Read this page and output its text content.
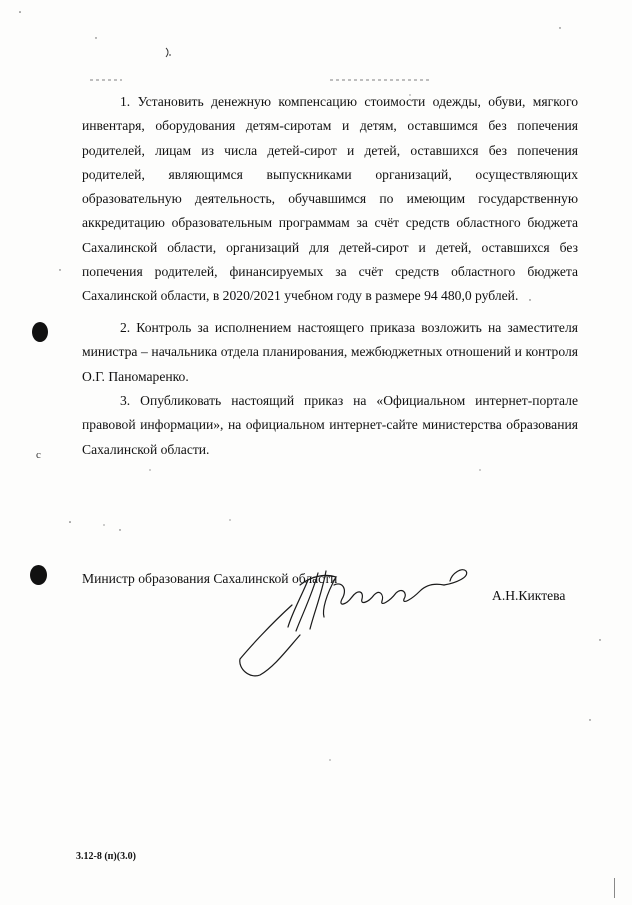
с

1. Установить денежную компенсацию стоимости одежды, обуви, мягкого инвентаря, оборудования детям-сиротам и детям, оставшимся без попечения родителей, лицам из числа детей-сирот и детей, оставшихся без попечения родителей, являющимся выпускниками организаций, осуществляющих образовательную деятельность, обучавшимся по имеющим государственную аккредитацию образовательным программам за счёт средств областного бюджета Сахалинской области, организаций для детей-сирот и детей, оставшихся без попечения родителей, финансируемых за счёт средств областного бюджета Сахалинской области, в 2020/2021 учебном году в размере 94 480,0 рублей.

2. Контроль за исполнением настоящего приказа возложить на заместителя министра – начальника отдела планирования, межбюджетных отношений и контроля О.Г. Паномаренко.

3. Опубликовать настоящий приказ на «Официальном интернет-портале правовой информации», на официальном интернет-сайте министерства образования Сахалинской области.

Министр образования Сахалинской области
А.Н.Киктева
3.12-8 (п)(3.0)
